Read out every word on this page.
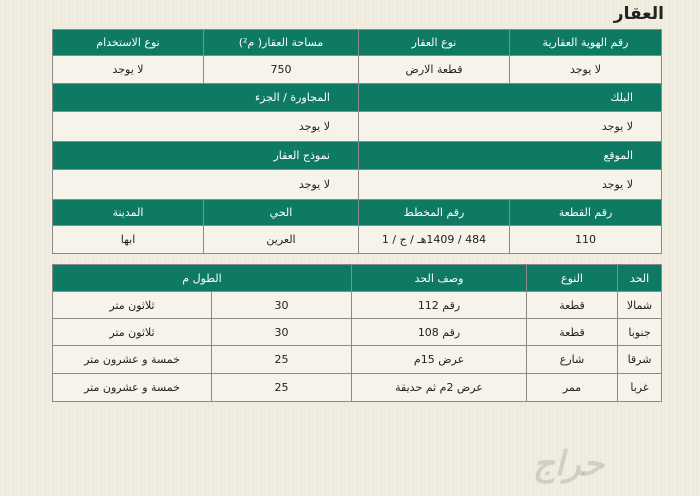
العقار
رقم الهوية العقارية	نوع العقار	مساحة العقار( م²)	نوع الاستخدام
لا يوجد	قطعة الارض	750	لا يوجد
البلك		المجاورة / الجزء	
لا يوجد		لا يوجد	
الموقع		نموذج العقار	
لا يوجد		لا يوجد	
رقم القطعة	رقم المخطط	الحي	المدينة
110	484 / 1409هـ / ج / 1	العرين	ابها
الحد	النوع	وصف الحد	الطول م	
شمالا	قطعة	رقم 112	30	ثلاثون متر
جنوبا	قطعة	رقم 108	30	ثلاثون متر
شرقا	شارع	عرض 15م	25	خمسة و عشرون متر
غربا	ممر	عرض 2م ثم حديقة	25	خمسة و عشرون متر
حراج
